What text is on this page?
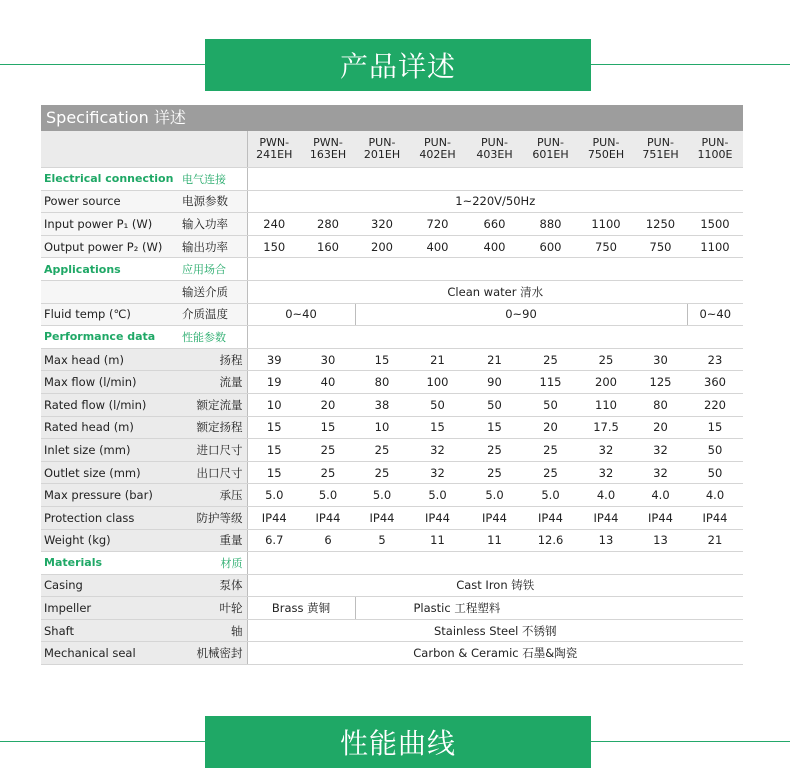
产品详述
Specification 详述
		PWN-241EH	PWN-163EH	PUN-201EH	PUN-402EH	PUN-403EH	PUN-601EH	PUN-750EH	PUN-751EH	PUN-1100E
Electrical connection	电气连接									
Power source	电源参数	1~220V/50Hz								
Input power P₁ (W)	输入功率	240	280	320	720	660	880	1100	1250	1500
Output power P₂ (W)	输出功率	150	160	200	400	400	600	750	750	1100
Applications	应用场合									
	输送介质	Clean water 清水								
Fluid temp (℃)	介质温度	0~40		0~90						0~40
Performance data	性能参数									
Max head (m)	扬程	39	30	15	21	21	25	25	30	23
Max flow (l/min)	流量	19	40	80	100	90	115	200	125	360
Rated flow (l/min)	额定流量	10	20	38	50	50	50	110	80	220
Rated head (m)	额定扬程	15	15	10	15	15	20	17.5	20	15
Inlet size (mm)	进口尺寸	15	25	25	32	25	25	32	32	50
Outlet size (mm)	出口尺寸	15	25	25	32	25	25	32	32	50
Max pressure (bar)	承压	5.0	5.0	5.0	5.0	5.0	5.0	4.0	4.0	4.0
Protection class	防护等级	IP44	IP44	IP44	IP44	IP44	IP44	IP44	IP44	IP44
Weight (kg)	重量	6.7	6	5	11	11	12.6	13	13	21
Materials	材质									
Casing	泵体	Cast Iron 铸铁								
Impeller	叶轮	Brass 黄铜		Plastic 工程塑料						
Shaft	轴	Stainless Steel 不锈钢								
Mechanical seal	机械密封	Carbon & Ceramic 石墨&陶瓷								
性能曲线
